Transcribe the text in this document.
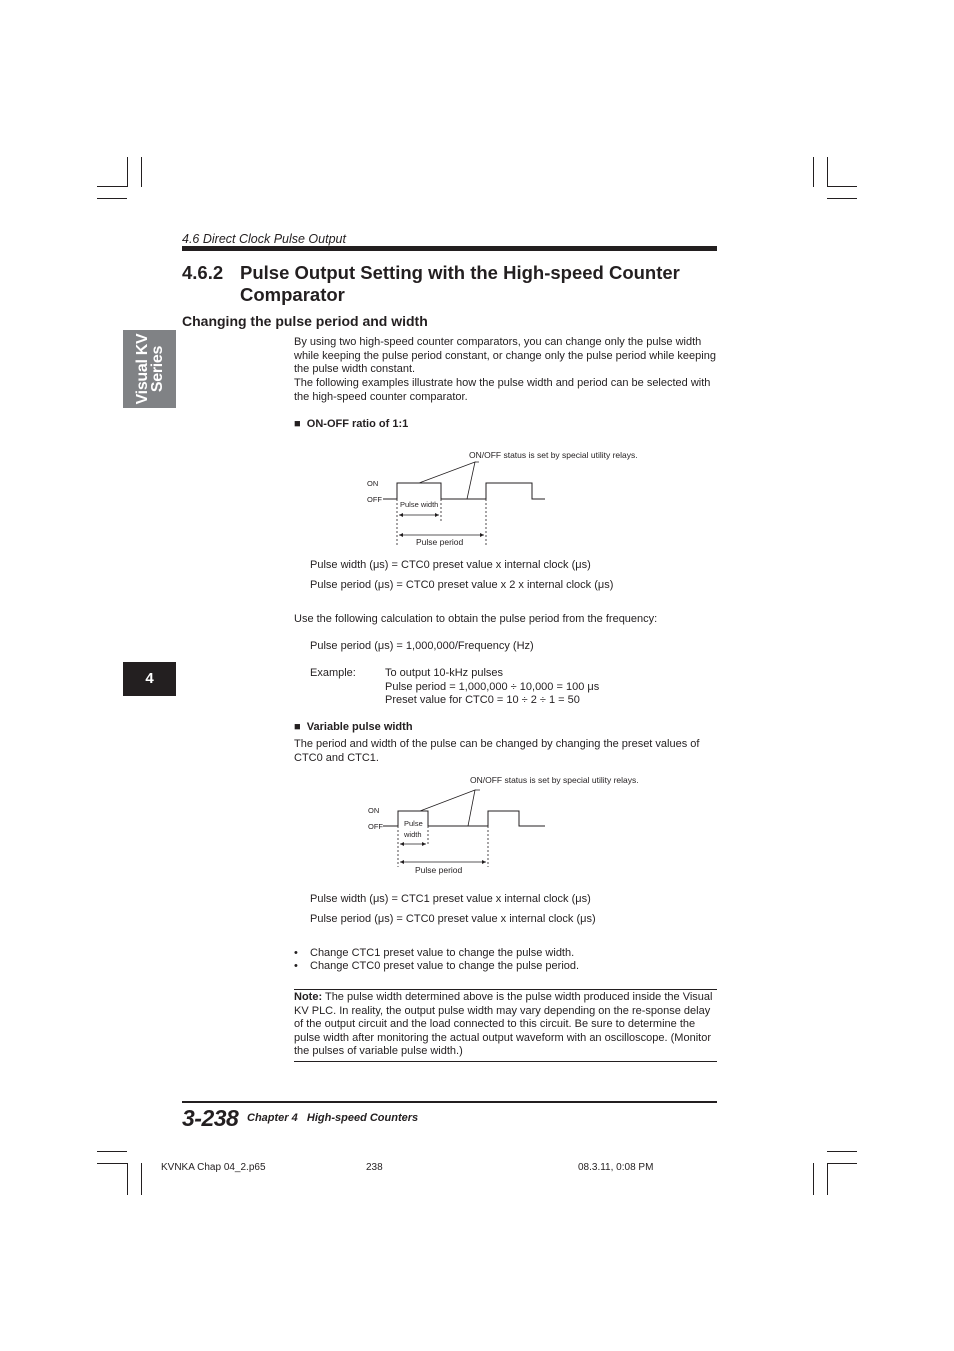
4.6 Direct Clock Pulse Output
4.6.2 Pulse Output Setting with the High-speed Counter Comparator
Changing the pulse period and width
Visual KV
Series
4
By using two high-speed counter comparators, you can change only the pulse width while keeping the pulse period constant, or change only the pulse period while keeping the pulse width constant.
The following examples illustrate how the pulse width and period can be selected with the high-speed counter comparator.
■ ON-OFF ratio of 1:1
ON/OFF status is set by special utility relays.
ON
OFF
Pulse width
Pulse period
Pulse width (μs) = CTC0 preset value x internal clock (μs)
Pulse period (μs) = CTC0 preset value x 2 x internal clock (μs)
Use the following calculation to obtain the pulse period from the frequency:
Pulse period (μs) = 1,000,000/Frequency (Hz)
Example:	To output 10-kHz pulses
Pulse period = 1,000,000 ÷ 10,000 = 100 μs
Preset value for CTC0 = 10 ÷ 2 ÷ 1 = 50
■ Variable pulse width
The period and width of the pulse can be changed by changing the preset values of CTC0 and CTC1.
ON/OFF status is set by special utility relays.
ON
OFF	Pulse
width
Pulse period
Pulse width (μs) = CTC1 preset value x internal clock (μs)
Pulse period (μs) = CTC0 preset value x internal clock (μs)
• Change CTC1 preset value to change the pulse width.
• Change CTC0 preset value to change the pulse period.
Note: The pulse width determined above is the pulse width produced inside the Visual KV PLC. In reality, the output pulse width may vary depending on the re-sponse delay of the output circuit and the load connected to this circuit. Be sure to determine the pulse width after monitoring the actual output waveform with an oscilloscope. (Monitor the pulses of variable pulse width.)
3-238 Chapter 4   High-speed Counters
KVNKA Chap 04_2.p65	238	08.3.11, 0:08 PM
